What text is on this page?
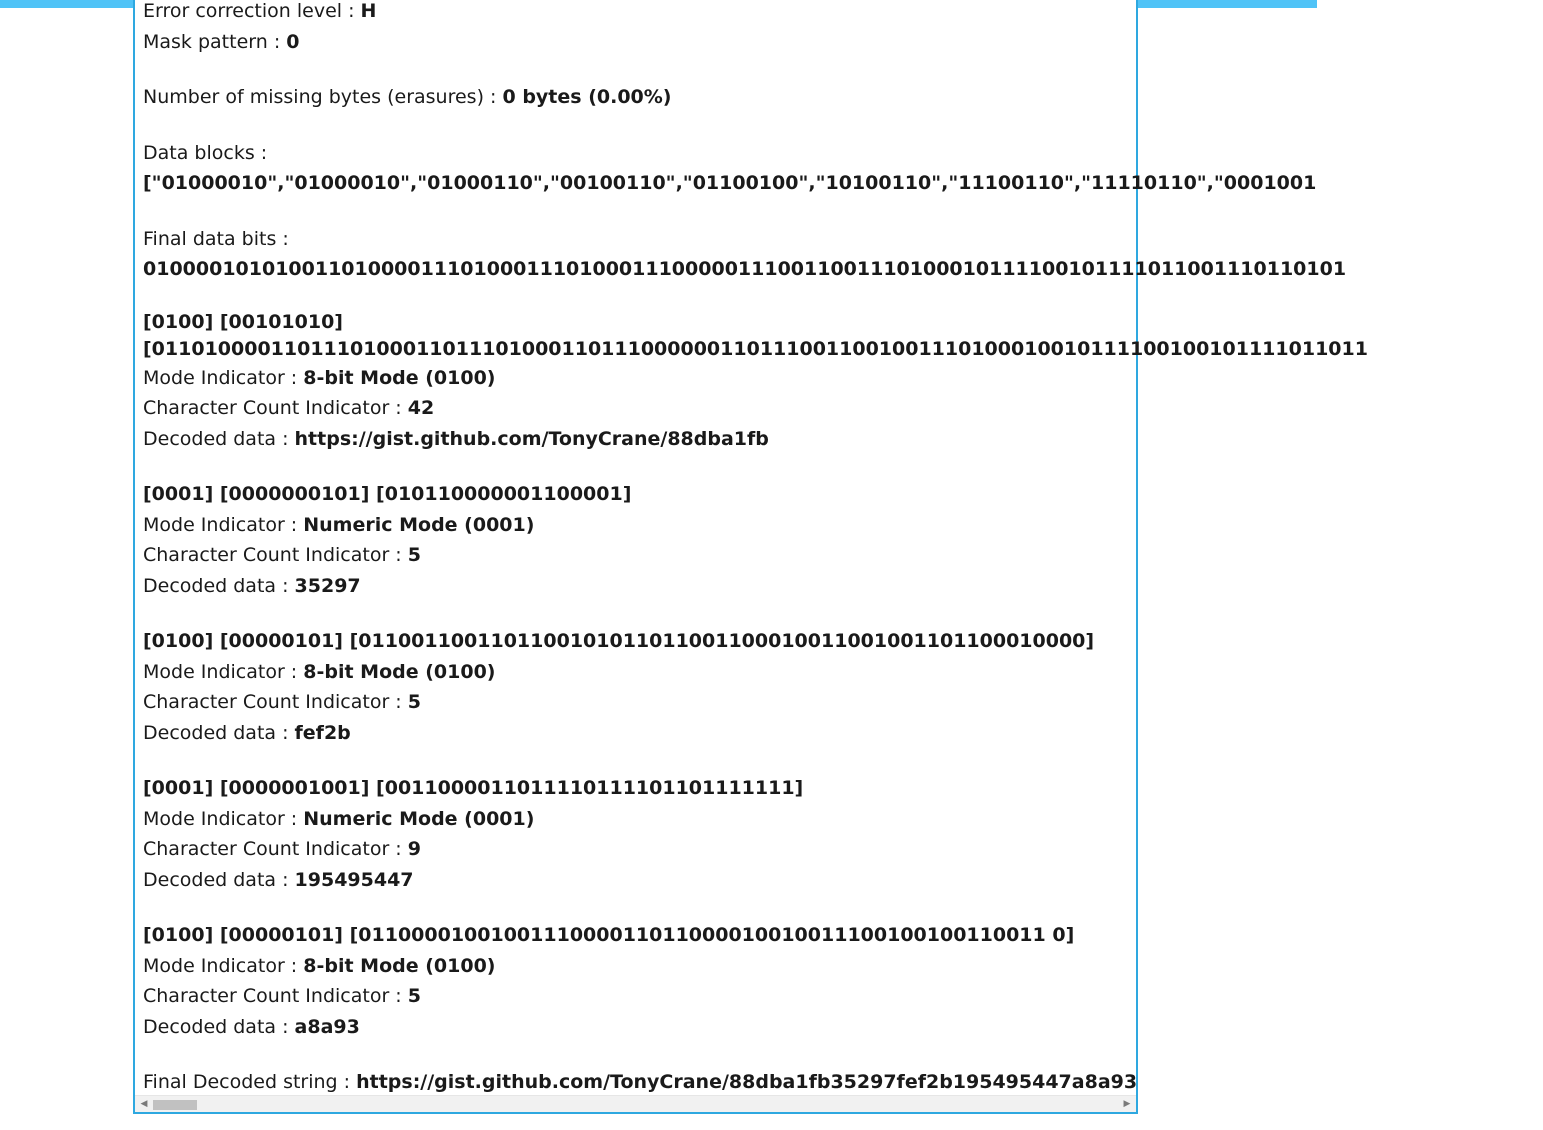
Error correction level : H
Mask pattern : 0
Number of missing bytes (erasures) : 0 bytes (0.00%)
Data blocks :
["01000010","01000010","01000110","00100110","01100100","10100110","11100110","11110110","0001001
Final data bits :
0100001010100110100001110100011101000111000001110011001110100010111100101111011001110110101
[0100] [00101010]
[01101000011011101000110111010001101110000001101110011001001110100010010111100100101111011011
Mode Indicator : 8-bit Mode (0100)
Character Count Indicator : 42
Decoded data : https://gist.github.com/TonyCrane/88dba1fb
[0001] [0000000101] [010110000001100001]
Mode Indicator : Numeric Mode (0001)
Character Count Indicator : 5
Decoded data : 35297
[0100] [00000101] [0110011001101100101011011001100010011001001101100010000]
Mode Indicator : 8-bit Mode (0100)
Character Count Indicator : 5
Decoded data : fef2b
[0001] [0000001001] [0011000011011110111101101111111]
Mode Indicator : Numeric Mode (0001)
Character Count Indicator : 9
Decoded data : 195495447
[0100] [00000101] [0110000100100111000011011000010010011100100100110011 0]
Mode Indicator : 8-bit Mode (0100)
Character Count Indicator : 5
Decoded data : a8a93
Final Decoded string : https://gist.github.com/TonyCrane/88dba1fb35297fef2b195495447a8a93
◀	▶
